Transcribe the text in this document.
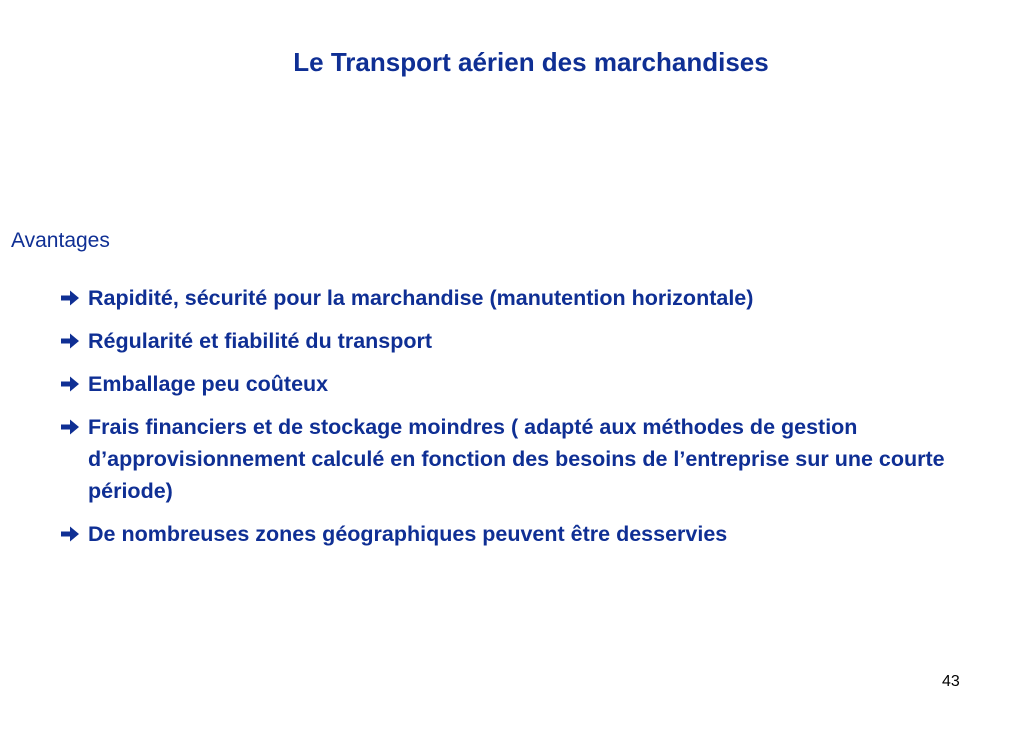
Le Transport aérien des marchandises
Avantages
Rapidité, sécurité pour la marchandise (manutention horizontale)
Régularité et fiabilité du transport
Emballage peu coûteux
Frais financiers et de stockage moindres ( adapté aux méthodes de gestion d’approvisionnement calculé en fonction des besoins de l’entreprise sur une courte période)
De nombreuses zones géographiques peuvent être desservies
43
